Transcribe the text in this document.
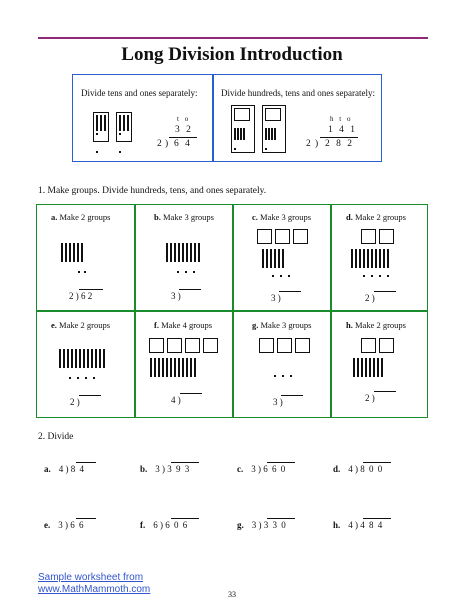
Long Division Introduction
Divide tens and ones separately:

t o
3 2
2 ) 6 4
Divide hundreds, tens and ones separately:

h t o
1 4 1
2 ) 2 8 2
1. Make groups. Divide hundreds, tens, and ones separately.
a. Make 2 groups
2 ) 6 2
b. Make 3 groups
3 )
c. Make 3 groups
3 )
d. Make 2 groups
2 )
e. Make 2 groups
2 )
f. Make 4 groups
4 )
g. Make 3 groups
3 )
h. Make 2 groups
2 )
2. Divide
a. 4 ) 8 4	b. 3 ) 3 9 3	c. 3 ) 6 6 0	d. 4 ) 8 0 0
e. 3 ) 6 6	f. 6 ) 6 0 6	g. 3 ) 3 3 0	h. 4 ) 4 8 4
Sample worksheet from
www.MathMammoth.com	33
